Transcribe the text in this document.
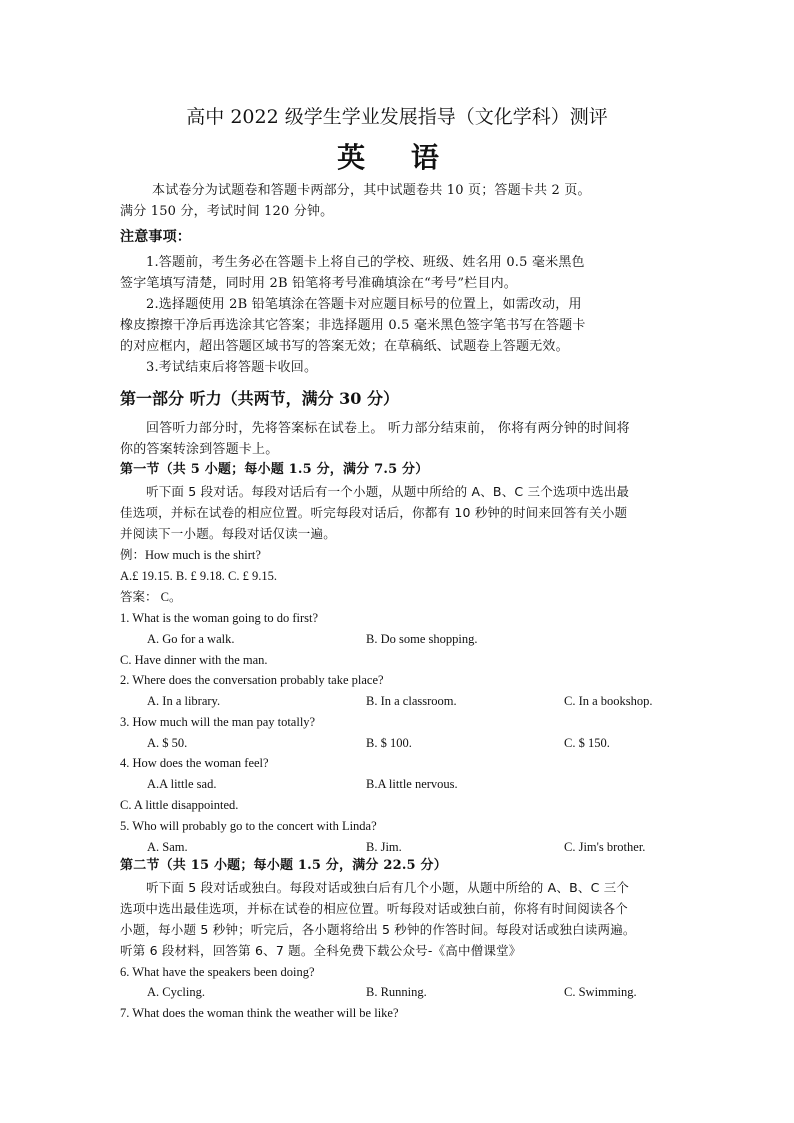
高中 2022 级学生学业发展指导（文化学科）测评
英 语
本试卷分为试题卷和答题卡两部分，其中试题卷共 10 页；答题卡共 2 页。
满分 150 分，考试时间 120 分钟。
注意事项：
1.答题前，考生务必在答题卡上将自己的学校、班级、姓名用 0.5 毫米黑色
签字笔填写清楚，同时用 2B 铅笔将考号准确填涂在“考号”栏目内。
2.选择题使用 2B 铅笔填涂在答题卡对应题目标号的位置上，如需改动，用
橡皮擦擦干净后再选涂其它答案；非选择题用 0.5 毫米黑色签字笔书写在答题卡
的对应框内，超出答题区域书写的答案无效；在草稿纸、试题卷上答题无效。
3.考试结束后将答题卡收回。
第一部分 听力（共两节，满分 30 分）
回答听力部分时，先将答案标在试卷上。 听力部分结束前， 你将有两分钟的时间将
你的答案转涂到答题卡上。
第一节（共 5 小题；每小题 1.5 分，满分 7.5 分）
听下面 5 段对话。每段对话后有一个小题，从题中所给的 A、B、C 三个选项中选出最
佳选项，并标在试卷的相应位置。听完每段对话后，你都有 10 秒钟的时间来回答有关小题
并阅读下一小题。每段对话仅读一遍。
例：How much is the shirt?
A.£ 19.15. B. £ 9.18. C. £ 9.15.
答案： C。
1. What is the woman going to do first?
A. Go for a walk.	B. Do some shopping.
C. Have dinner with the man.
2. Where does the conversation probably take place?
A. In a library.	B. In a classroom.	C. In a bookshop.
3. How much will the man pay totally?
A. $ 50.	B. $ 100.	C. $ 150.
4. How does the woman feel?
A.A little sad.	B.A little nervous.
C. A little disappointed.
5. Who will probably go to the concert with Linda?
A. Sam.	B. Jim.	C. Jim's brother.
第二节（共 15 小题；每小题 1.5 分，满分 22.5 分）
听下面 5 段对话或独白。每段对话或独白后有几个小题，从题中所给的 A、B、C 三个
选项中选出最佳选项，并标在试卷的相应位置。听每段对话或独白前，你将有时间阅读各个
小题，每小题 5 秒钟；听完后，各小题将给出 5 秒钟的作答时间。每段对话或独白读两遍。
听第 6 段材料，回答第 6、7 题。全科免费下载公众号-《高中僧课堂》
6. What have the speakers been doing?
A. Cycling.	B. Running.	C. Swimming.
7. What does the woman think the weather will be like?
